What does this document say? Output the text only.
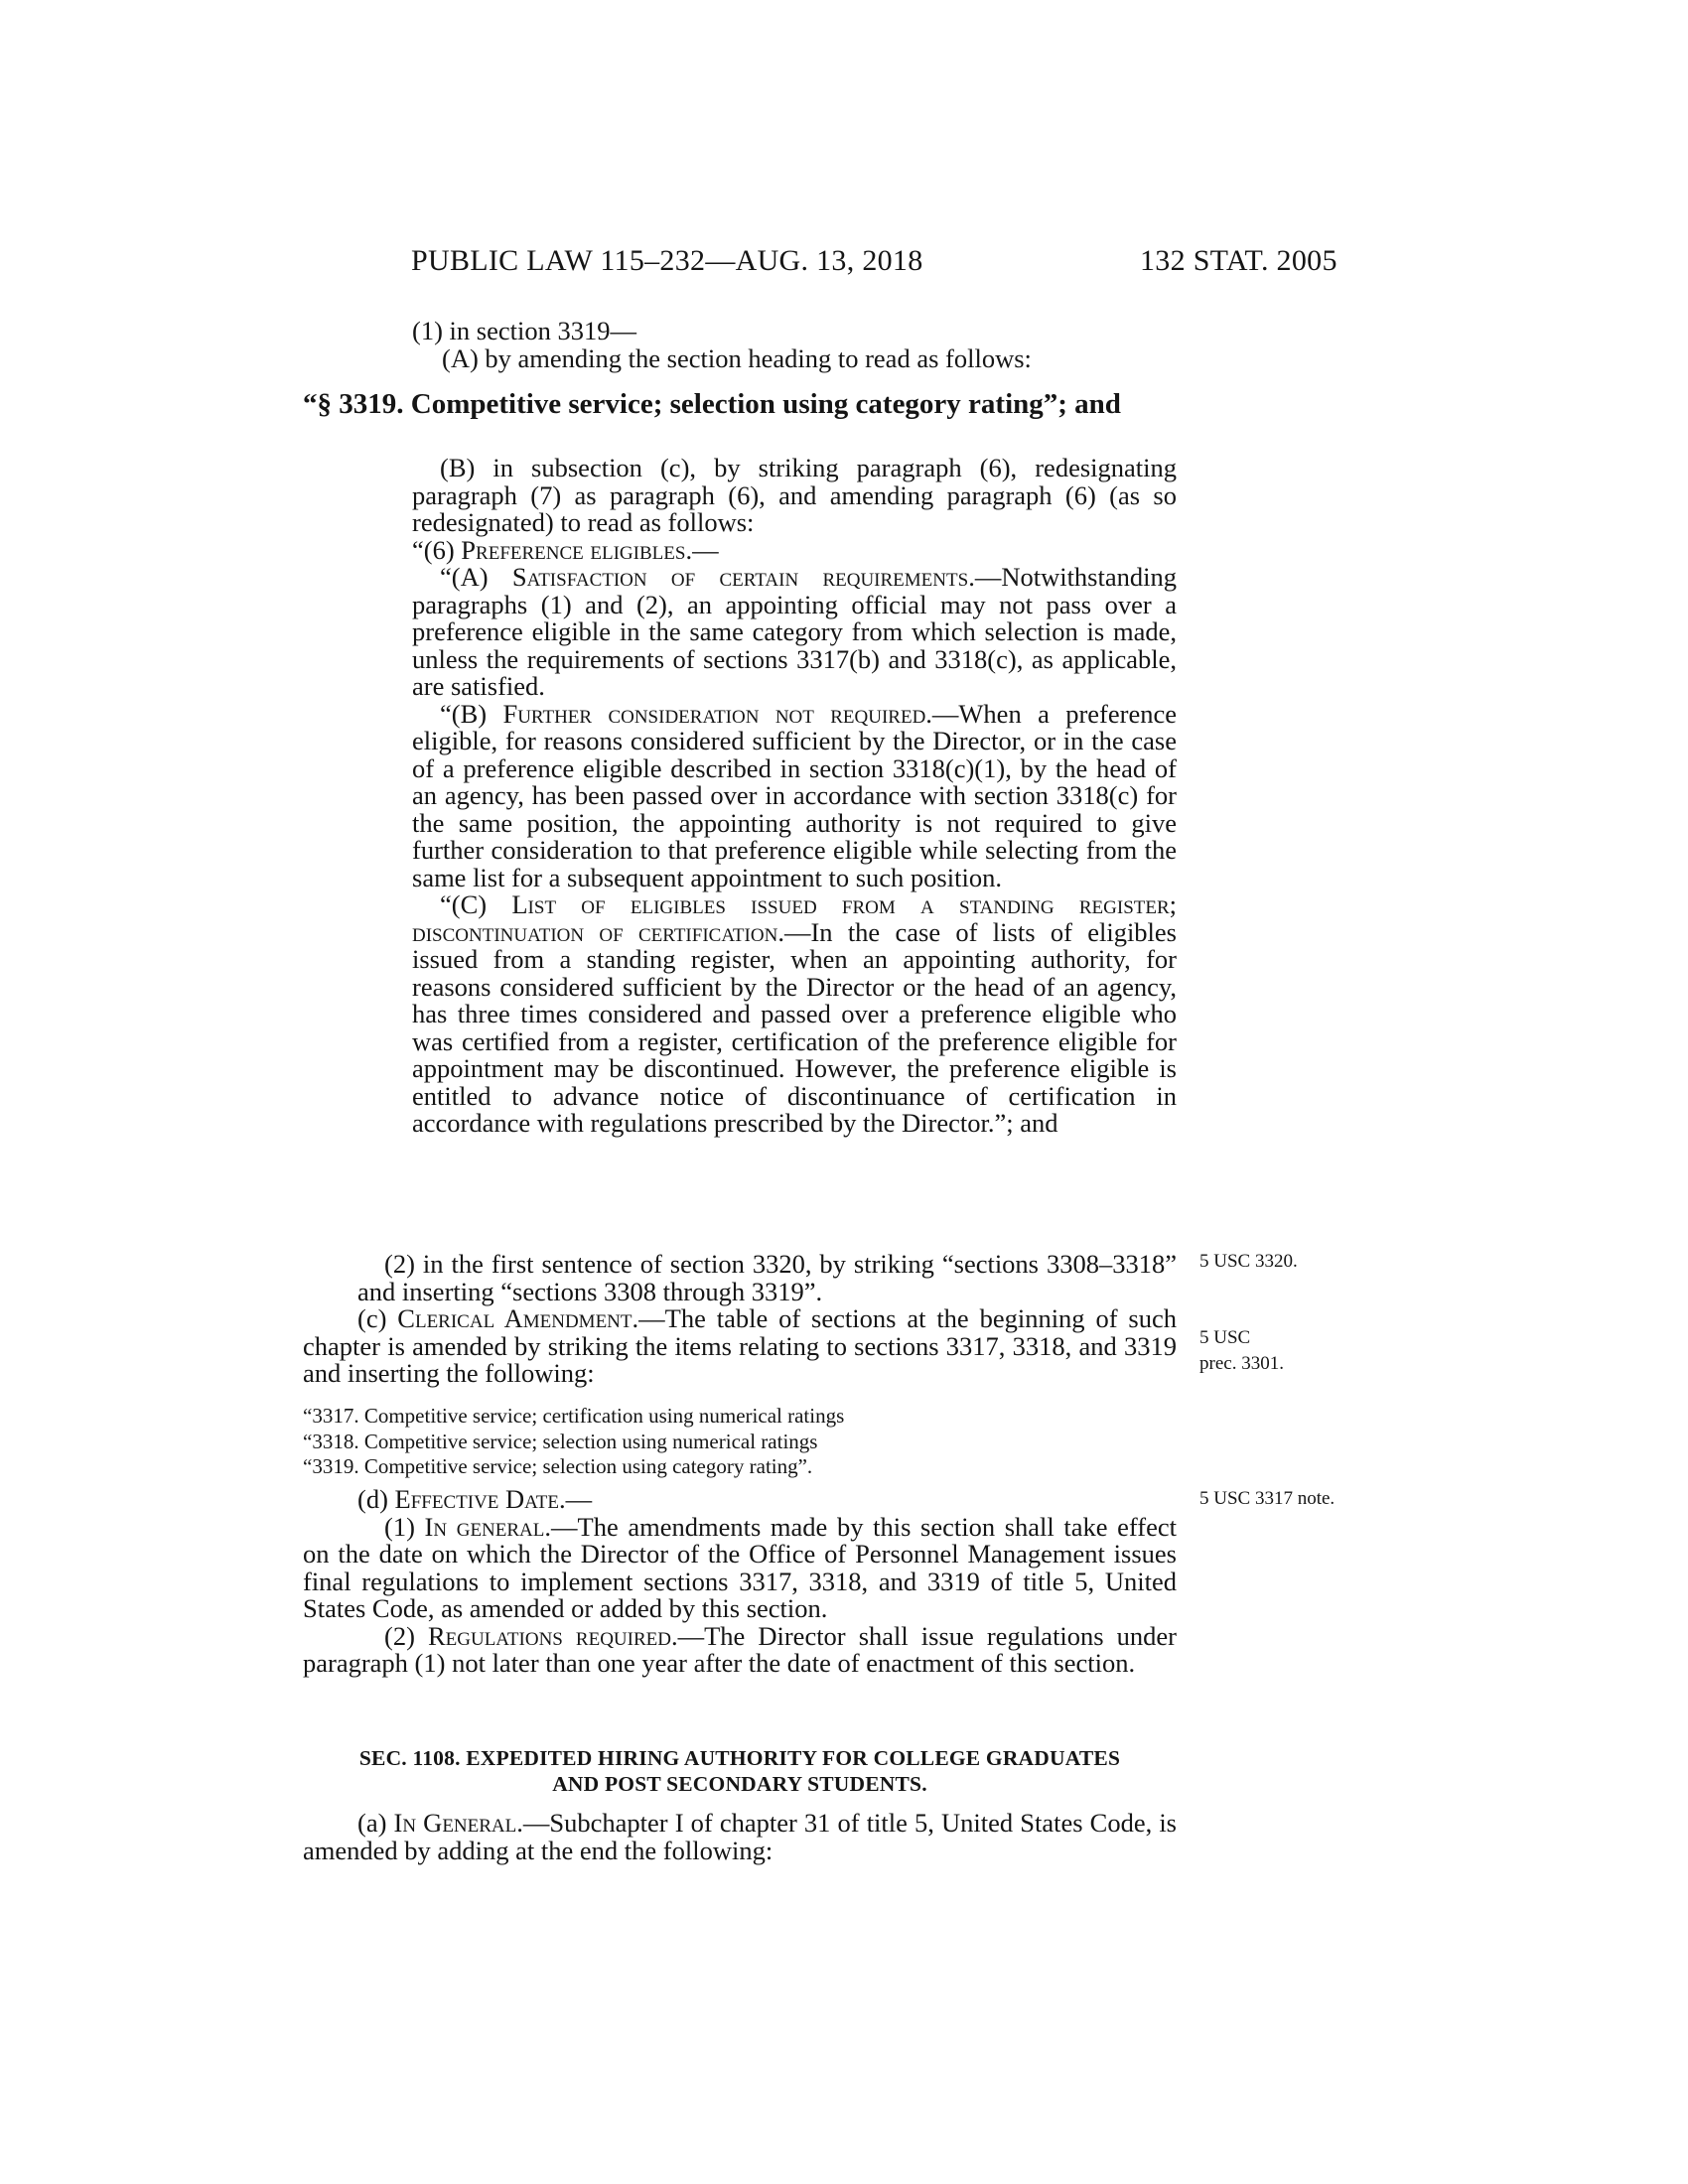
PUBLIC LAW 115–232—AUG. 13, 2018	132 STAT. 2005

(1) in section 3319—

(A) by amending the section heading to read as follows:

“§ 3319. Competitive service; selection using category rating”; and

(B) in subsection (c), by striking paragraph (6), redesignating paragraph (7) as paragraph (6), and amending paragraph (6) (as so redesignated) to read as follows:

“(6) Preference eligibles.—

“(A) Satisfaction of certain requirements.—Notwithstanding paragraphs (1) and (2), an appointing official may not pass over a preference eligible in the same category from which selection is made, unless the requirements of sections 3317(b) and 3318(c), as applicable, are satisfied.

“(B) Further consideration not required.—When a preference eligible, for reasons considered sufficient by the Director, or in the case of a preference eligible described in section 3318(c)(1), by the head of an agency, has been passed over in accordance with section 3318(c) for the same position, the appointing authority is not required to give further consideration to that preference eligible while selecting from the same list for a subsequent appointment to such position.

“(C) List of eligibles issued from a standing register; discontinuation of certification.—In the case of lists of eligibles issued from a standing register, when an appointing authority, for reasons considered sufficient by the Director or the head of an agency, has three times considered and passed over a preference eligible who was certified from a register, certification of the preference eligible for appointment may be discontinued. However, the preference eligible is entitled to advance notice of discontinuance of certification in accordance with regulations prescribed by the Director.”; and

(2) in the first sentence of section 3320, by striking “sections 3308–3318” and inserting “sections 3308 through 3319”.

(c) Clerical Amendment.—The table of sections at the beginning of such chapter is amended by striking the items relating to sections 3317, 3318, and 3319 and inserting the following:

“3317. Competitive service; certification using numerical ratings

“3318. Competitive service; selection using numerical ratings

“3319. Competitive service; selection using category rating”.

(d) Effective Date.—

(1) In general.—The amendments made by this section shall take effect on the date on which the Director of the Office of Personnel Management issues final regulations to implement sections 3317, 3318, and 3319 of title 5, United States Code, as amended or added by this section.

(2) Regulations required.—The Director shall issue regulations under paragraph (1) not later than one year after the date of enactment of this section.

SEC. 1108. EXPEDITED HIRING AUTHORITY FOR COLLEGE GRADUATES

AND POST SECONDARY STUDENTS.

(a) In General.—Subchapter I of chapter 31 of title 5, United States Code, is amended by adding at the end the following:

5 USC 3320.
5 USC
prec. 3301.
5 USC 3317 note.
